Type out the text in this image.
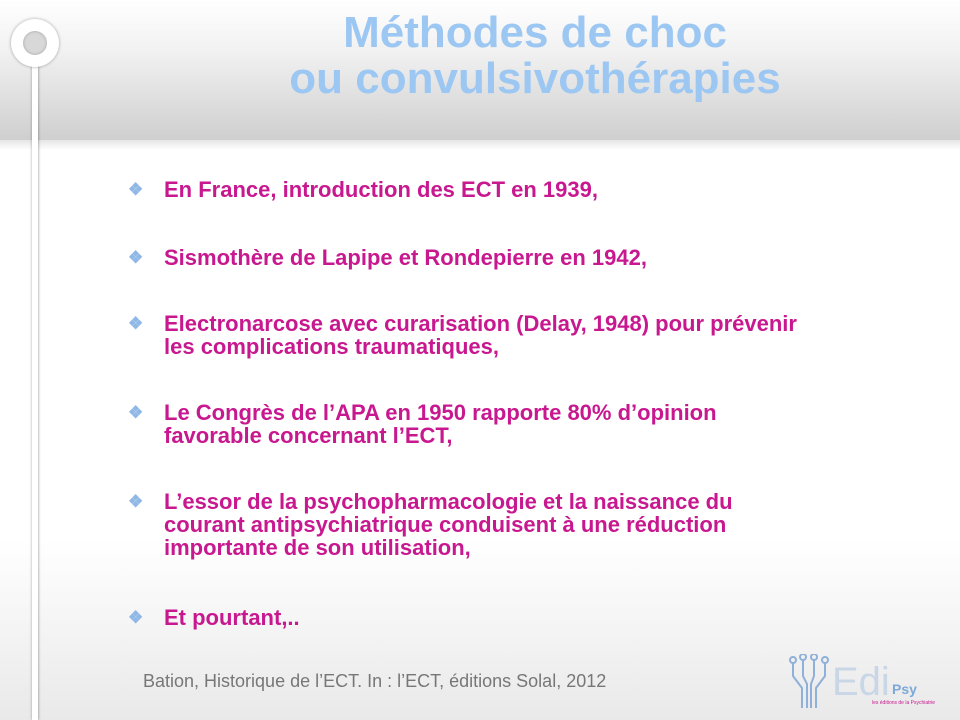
Méthodes de choc
ou convulsivothérapies
❖ En France, introduction des ECT en 1939,
❖ Sismothère de Lapipe et Rondepierre en 1942,
❖ Electronarcose avec curarisation (Delay, 1948) pour prévenir
les complications traumatiques,
❖ Le Congrès de l’APA en 1950 rapporte 80% d’opinion
favorable concernant l’ECT,
❖ L’essor de la psychopharmacologie et la naissance du
courant antipsychiatrique conduisent à une réduction
importante de son utilisation,
❖ Et pourtant,..
Bation, Historique de l’ECT. In : l’ECT, éditions Solal, 2012	Edi Psy
les éditions de la Psychiatrie
